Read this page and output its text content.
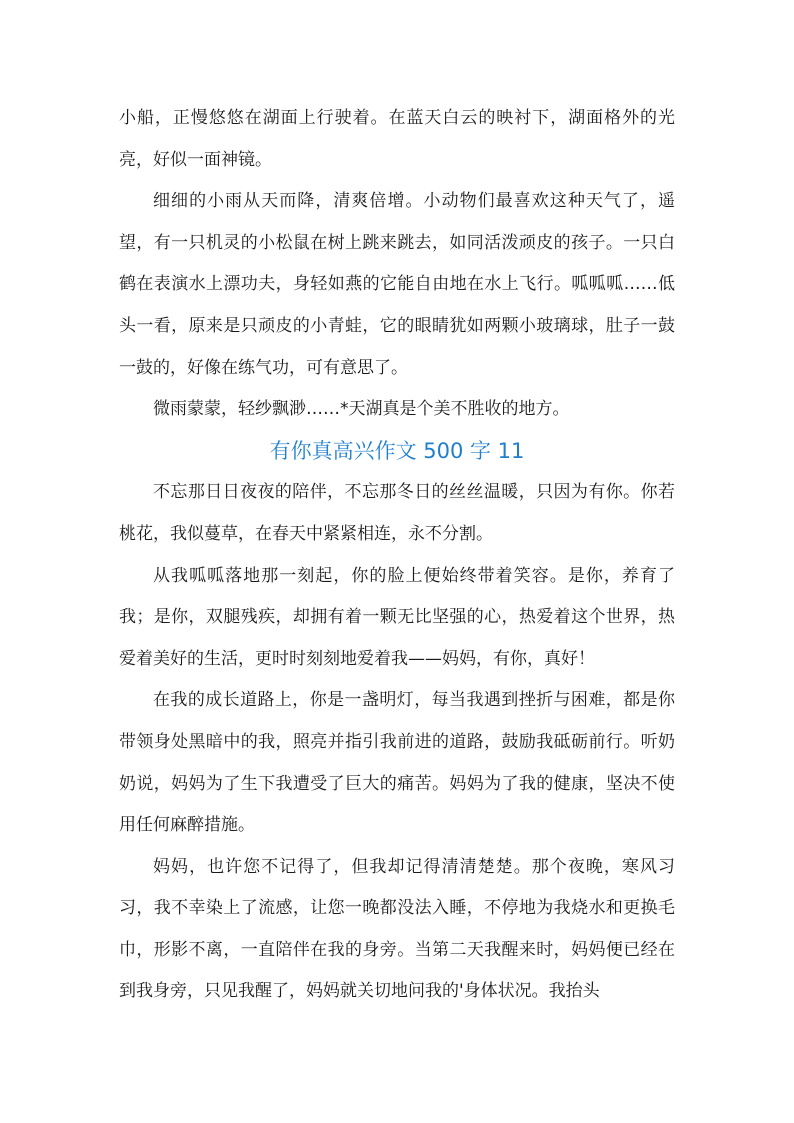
小船，正慢悠悠在湖面上行驶着。在蓝天白云的映衬下，湖面格外的光亮，好似一面神镜。

细细的小雨从天而降，清爽倍增。小动物们最喜欢这种天气了，遥望，有一只机灵的小松鼠在树上跳来跳去，如同活泼顽皮的孩子。一只白鹤在表演水上漂功夫，身轻如燕的它能自由地在水上飞行。呱呱呱……低头一看，原来是只顽皮的小青蛙，它的眼睛犹如两颗小玻璃球，肚子一鼓一鼓的，好像在练气功，可有意思了。

微雨蒙蒙，轻纱飘渺……*天湖真是个美不胜收的地方。

有你真高兴作文 500 字 11

不忘那日日夜夜的陪伴，不忘那冬日的丝丝温暖，只因为有你。你若桃花，我似蔓草，在春天中紧紧相连，永不分割。

从我呱呱落地那一刻起，你的脸上便始终带着笑容。是你，养育了我；是你，双腿残疾，却拥有着一颗无比坚强的心，热爱着这个世界，热爱着美好的生活，更时时刻刻地爱着我——妈妈，有你，真好！

在我的成长道路上，你是一盏明灯，每当我遇到挫折与困难，都是你带领身处黑暗中的我，照亮并指引我前进的道路，鼓励我砥砺前行。听奶奶说，妈妈为了生下我遭受了巨大的痛苦。妈妈为了我的健康，坚决不使用任何麻醉措施。

妈妈，也许您不记得了，但我却记得清清楚楚。那个夜晚，寒风习习，我不幸染上了流感，让您一晚都没法入睡，不停地为我烧水和更换毛巾，形影不离，一直陪伴在我的身旁。当第二天我醒来时，妈妈便已经在到我身旁，只见我醒了，妈妈就关切地问我的'身体状况。我抬头
